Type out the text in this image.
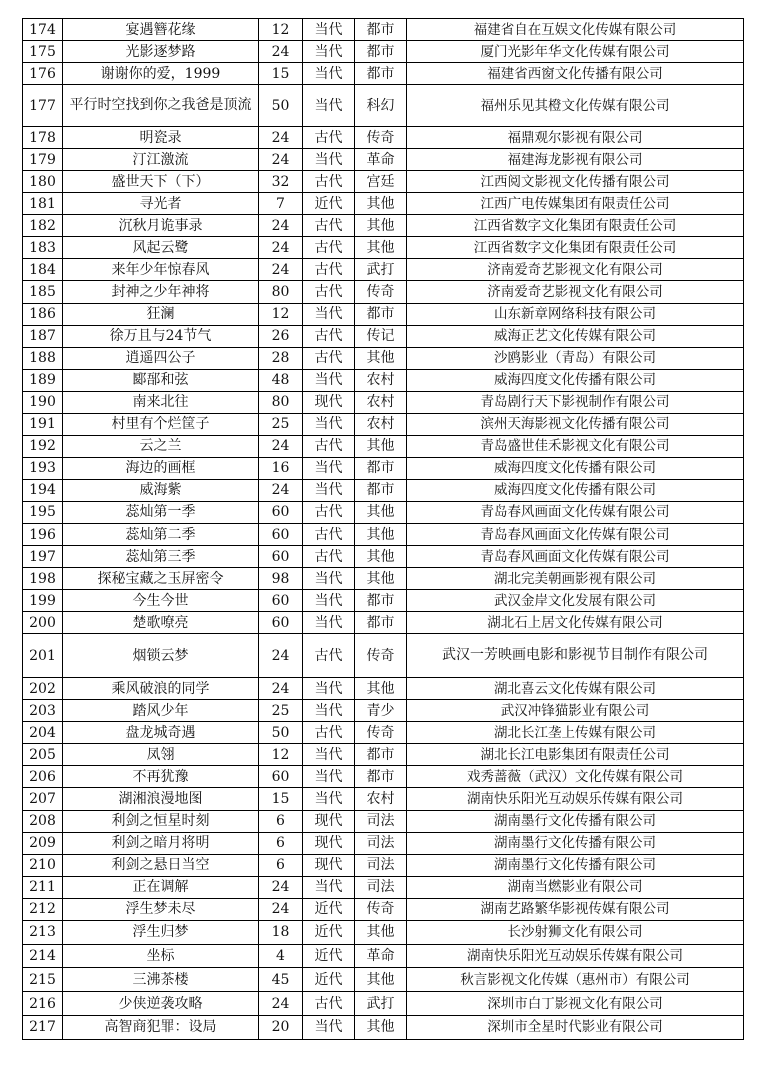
174	宴遇簪花缘	12	当代	都市	福建省自在互娱文化传媒有限公司
175	光影逐梦路	24	当代	都市	厦门光影年华文化传媒有限公司
176	谢谢你的爱，1999	15	当代	都市	福建省西窗文化传播有限公司
177	平行时空找到你之我爸是顶流	50	当代	科幻	福州乐见其橙文化传媒有限公司
178	明瓷录	24	古代	传奇	福鼎观尔影视有限公司
179	汀江激流	24	当代	革命	福建海龙影视有限公司
180	盛世天下（下）	32	古代	宫廷	江西阅文影视文化传播有限公司
181	寻光者	7	近代	其他	江西广电传媒集团有限责任公司
182	沉秋月诡事录	24	古代	其他	江西省数字文化集团有限责任公司
183	风起云鹭	24	古代	其他	江西省数字文化集团有限责任公司
184	来年少年惊春风	24	古代	武打	济南爱奇艺影视文化有限公司
185	封神之少年神将	80	古代	传奇	济南爱奇艺影视文化有限公司
186	狂澜	12	当代	都市	山东新章网络科技有限公司
187	徐万且与24节气	26	古代	传记	威海正艺文化传媒有限公司
188	逍遥四公子	28	古代	其他	沙鸥影业（青岛）有限公司
189	郾郚和弦	48	当代	农村	威海四度文化传播有限公司
190	南来北往	80	现代	农村	青岛剧行天下影视制作有限公司
191	村里有个烂筐子	25	当代	农村	滨州天海影视文化传播有限公司
192	云之兰	24	古代	其他	青岛盛世佳禾影视文化有限公司
193	海边的画框	16	当代	都市	威海四度文化传播有限公司
194	威海紫	24	当代	都市	威海四度文化传播有限公司
195	蕊灿第一季	60	古代	其他	青岛春风画面文化传媒有限公司
196	蕊灿第二季	60	古代	其他	青岛春风画面文化传媒有限公司
197	蕊灿第三季	60	古代	其他	青岛春风画面文化传媒有限公司
198	探秘宝藏之玉屏密令	98	当代	其他	湖北完美朝画影视有限公司
199	今生今世	60	当代	都市	武汉金岸文化发展有限公司
200	楚歌嘹亮	60	当代	都市	湖北石上居文化传媒有限公司
201	烟锁云梦	24	古代	传奇	武汉一芳映画电影和影视节目制作有限公司
202	乘风破浪的同学	24	当代	其他	湖北喜云文化传媒有限公司
203	踏风少年	25	当代	青少	武汉冲锋猫影业有限公司
204	盘龙城奇遇	50	古代	传奇	湖北长江垄上传媒有限公司
205	凤翎	12	当代	都市	湖北长江电影集团有限责任公司
206	不再犹豫	60	当代	都市	戏秀蔷薇（武汉）文化传媒有限公司
207	湖湘浪漫地图	15	当代	农村	湖南快乐阳光互动娱乐传媒有限公司
208	利剑之恒星时刻	6	现代	司法	湖南墨行文化传播有限公司
209	利剑之暗月将明	6	现代	司法	湖南墨行文化传播有限公司
210	利剑之悬日当空	6	现代	司法	湖南墨行文化传播有限公司
211	正在调解	24	当代	司法	湖南当燃影业有限公司
212	浮生梦未尽	24	近代	传奇	湖南艺路繁华影视传媒有限公司
213	浮生归梦	18	近代	其他	长沙射狮文化有限公司
214	坐标	4	近代	革命	湖南快乐阳光互动娱乐传媒有限公司
215	三沸茶楼	45	近代	其他	秋言影视文化传媒（惠州市）有限公司
216	少侠逆袭攻略	24	古代	武打	深圳市白丁影视文化有限公司
217	高智商犯罪：设局	20	当代	其他	深圳市全星时代影业有限公司
